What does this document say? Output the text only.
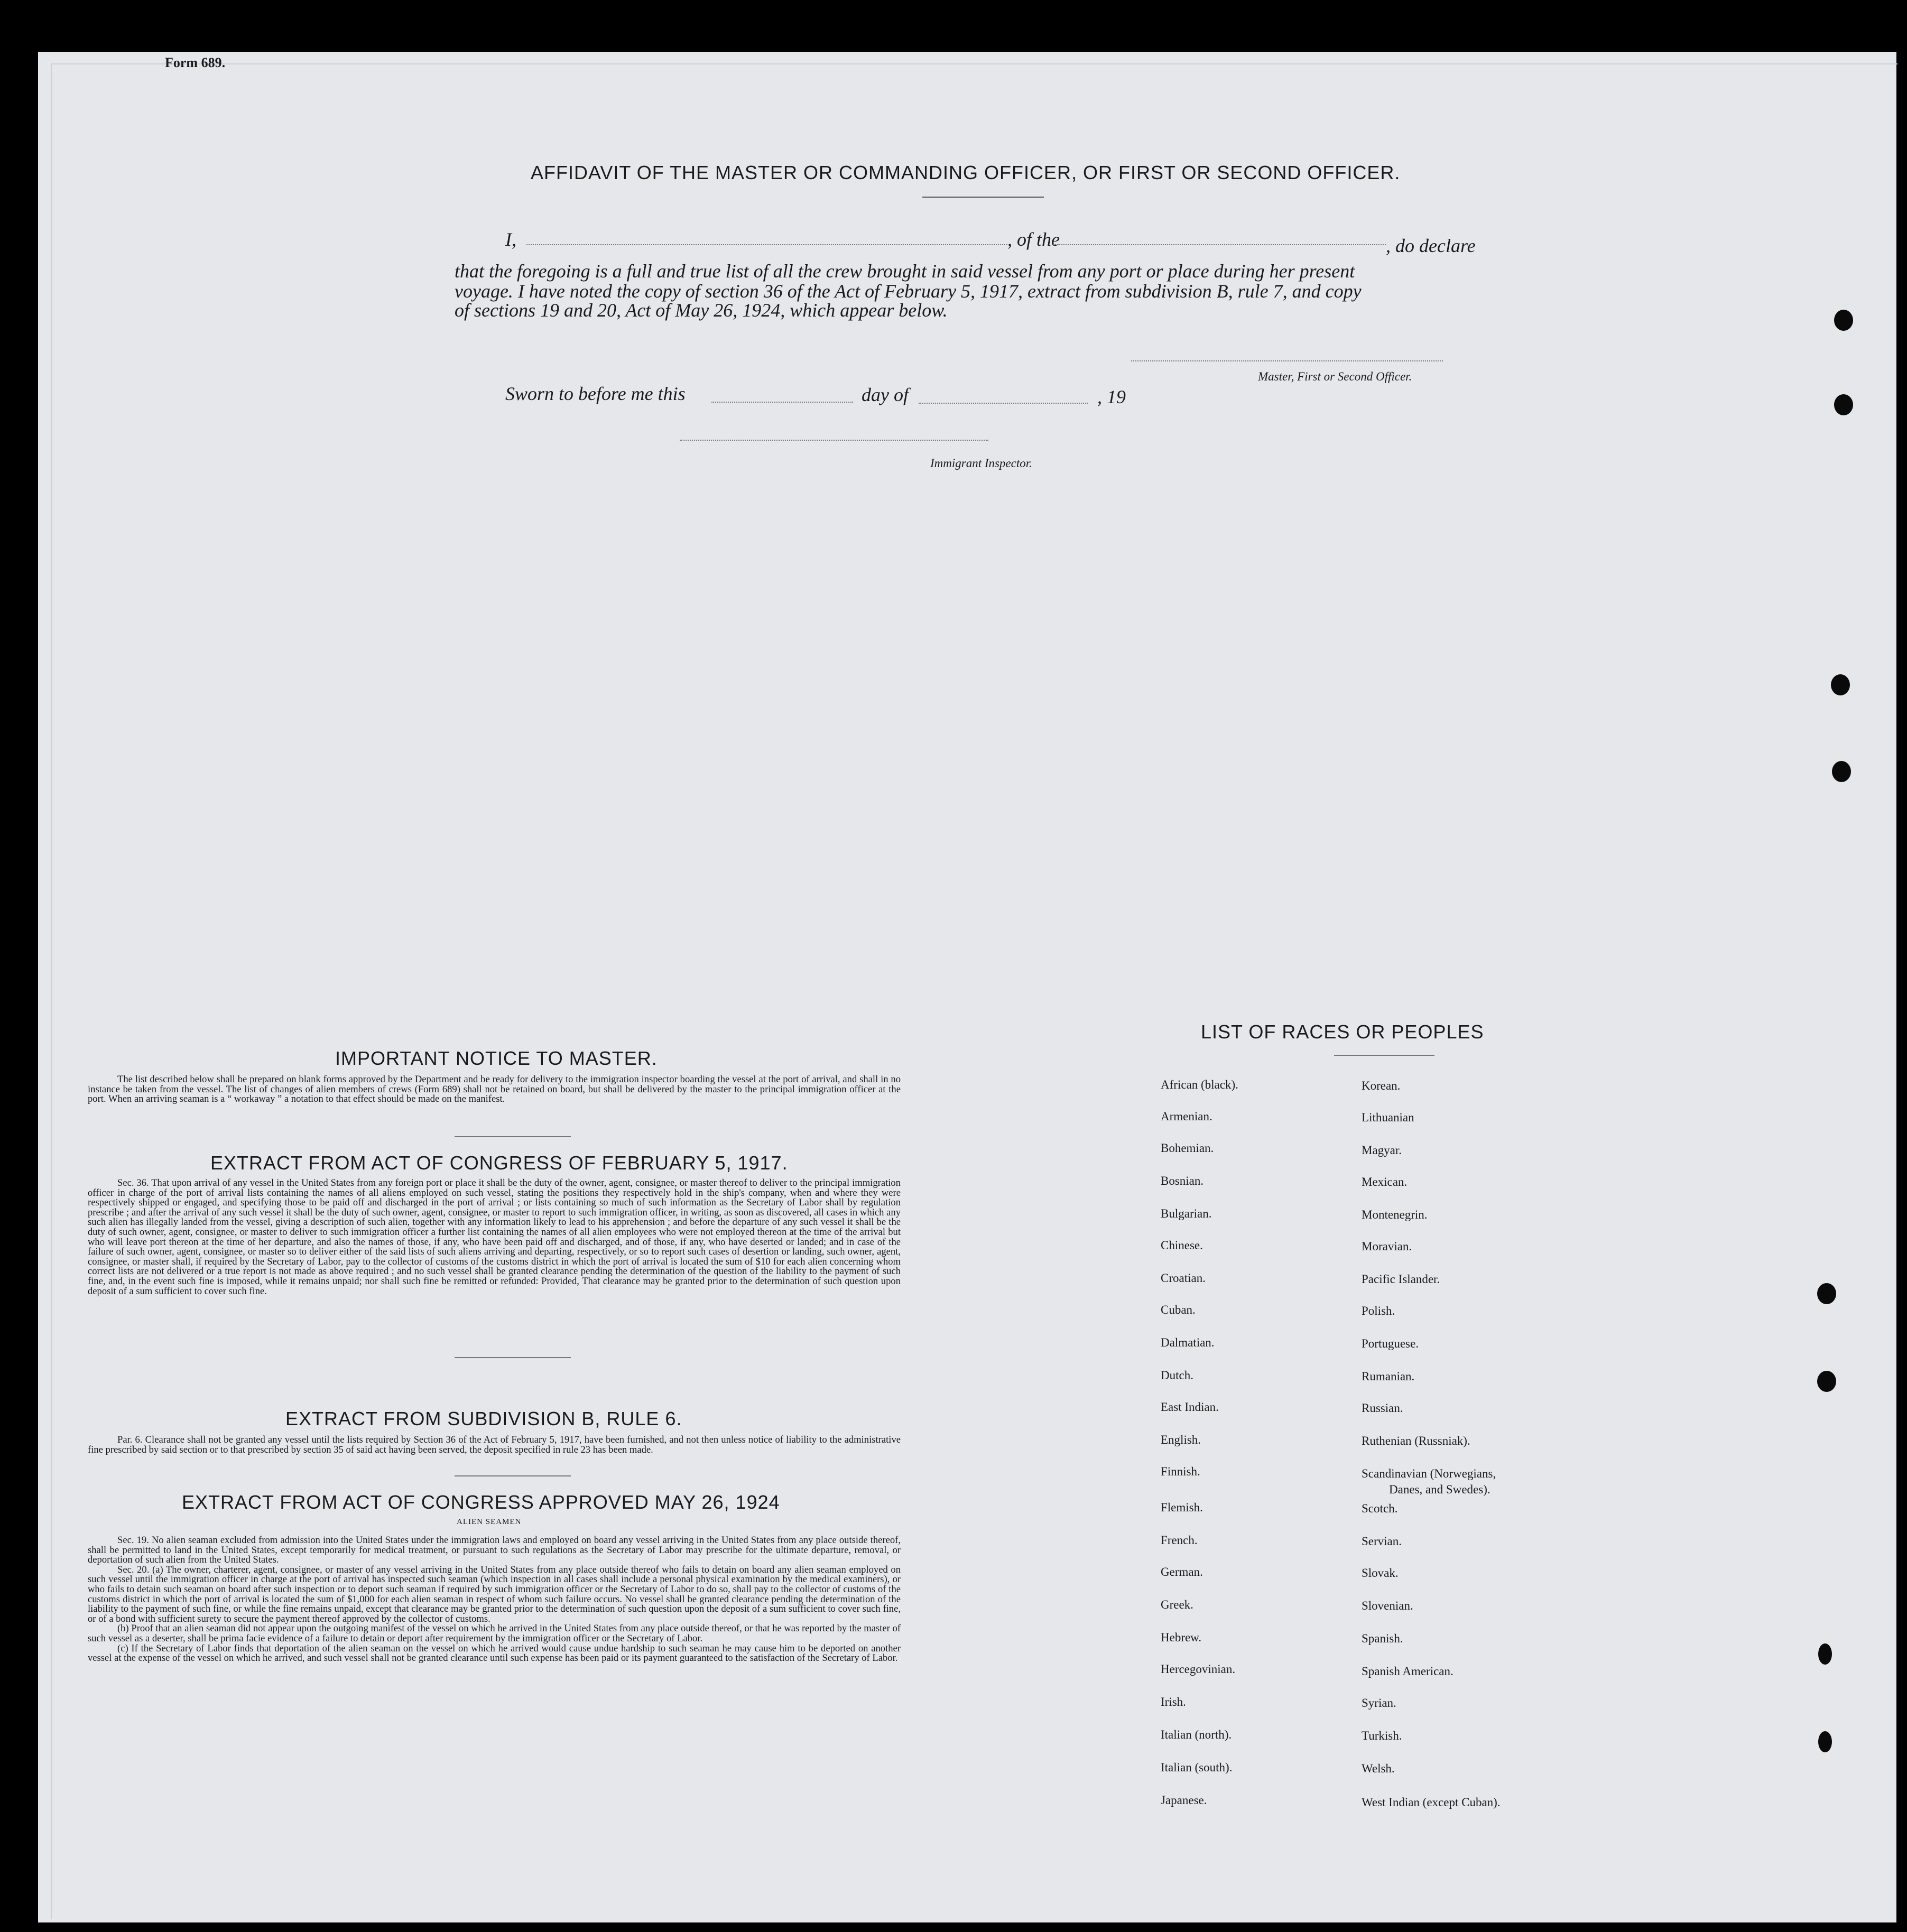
Form 689.
AFFIDAVIT OF THE MASTER OR COMMANDING OFFICER, OR FIRST OR SECOND OFFICER.
I,	, of the	, do declare
that the foregoing is a full and true list of all the crew brought in said vessel from any port or place during her present
voyage. I have noted the copy of section 36 of the Act of February 5, 1917, extract from subdivision B, rule 7, and copy
of sections 19 and 20, Act of May 26, 1924, which appear below.
Master, First or Second Officer.
Sworn to before me this	day of	, 19
Immigrant Inspector.
IMPORTANT NOTICE TO MASTER.
The list described below shall be prepared on blank forms approved by the Department and be ready for delivery to the immigration inspector boarding the vessel at the port of arrival, and shall in no instance be taken from the vessel. The list of changes of alien members of crews (Form 689) shall not be retained on board, but shall be delivered by the master to the principal immigration officer at the port. When an arriving seaman is a “ workaway ” a notation to that effect should be made on the manifest.
EXTRACT FROM ACT OF CONGRESS OF FEBRUARY 5, 1917.
Sec. 36. That upon arrival of any vessel in the United States from any foreign port or place it shall be the duty of the owner, agent, consignee, or master thereof to deliver to the principal immigration officer in charge of the port of arrival lists containing the names of all aliens employed on such vessel, stating the positions they respectively hold in the ship's company, when and where they were respectively shipped or engaged, and specifying those to be paid off and discharged in the port of arrival ; or lists containing so much of such information as the Secretary of Labor shall by regulation prescribe ; and after the arrival of any such vessel it shall be the duty of such owner, agent, consignee, or master to report to such immigration officer, in writing, as soon as discovered, all cases in which any such alien has illegally landed from the vessel, giving a description of such alien, together with any information likely to lead to his apprehension ; and before the departure of any such vessel it shall be the duty of such owner, agent, consignee, or master to deliver to such immigration officer a further list containing the names of all alien employees who were not employed thereon at the time of the arrival but who will leave port thereon at the time of her departure, and also the names of those, if any, who have been paid off and discharged, and of those, if any, who have deserted or landed; and in case of the failure of such owner, agent, consignee, or master so to deliver either of the said lists of such aliens arriving and departing, respectively, or so to report such cases of desertion or landing, such owner, agent, consignee, or master shall, if required by the Secretary of Labor, pay to the collector of customs of the customs district in which the port of arrival is located the sum of $10 for each alien concerning whom correct lists are not delivered or a true report is not made as above required ; and no such vessel shall be granted clearance pending the determination of the question of the liability to the payment of such fine, and, in the event such fine is imposed, while it remains unpaid; nor shall such fine be remitted or refunded: Provided, That clearance may be granted prior to the determination of such question upon deposit of a sum sufficient to cover such fine.
EXTRACT FROM SUBDIVISION B, RULE 6.
Par. 6. Clearance shall not be granted any vessel until the lists required by Section 36 of the Act of February 5, 1917, have been furnished, and not then unless notice of liability to the administrative fine prescribed by said section or to that prescribed by section 35 of said act having been served, the deposit specified in rule 23 has been made.
EXTRACT FROM ACT OF CONGRESS APPROVED MAY 26, 1924
ALIEN SEAMEN

Sec. 19. No alien seaman excluded from admission into the United States under the immigration laws and employed on board any vessel arriving in the United States from any place outside thereof, shall be permitted to land in the United States, except temporarily for medical treatment, or pursuant to such regulations as the Secretary of Labor may prescribe for the ultimate departure, removal, or deportation of such alien from the United States.

Sec. 20. (a) The owner, charterer, agent, consignee, or master of any vessel arriving in the United States from any place outside thereof who fails to detain on board any alien seaman employed on such vessel until the immigration officer in charge at the port of arrival has inspected such seaman (which inspection in all cases shall include a personal physical examination by the medical examiners), or who fails to detain such seaman on board after such inspection or to deport such seaman if required by such immigration officer or the Secretary of Labor to do so, shall pay to the collector of customs of the customs district in which the port of arrival is located the sum of $1,000 for each alien seaman in respect of whom such failure occurs. No vessel shall be granted clearance pending the determination of the liability to the payment of such fine, or while the fine remains unpaid, except that clearance may be granted prior to the determination of such question upon the deposit of a sum sufficient to cover such fine, or of a bond with sufficient surety to secure the payment thereof approved by the collector of customs.

(b) Proof that an alien seaman did not appear upon the outgoing manifest of the vessel on which he arrived in the United States from any place outside thereof, or that he was reported by the master of such vessel as a deserter, shall be prima facie evidence of a failure to detain or deport after requirement by the immigration officer or the Secretary of Labor.

(c) If the Secretary of Labor finds that deportation of the alien seaman on the vessel on which he arrived would cause undue hardship to such seaman he may cause him to be deported on another vessel at the expense of the vessel on which he arrived, and such vessel shall not be granted clearance until such expense has been paid or its payment guaranteed to the satisfaction of the Secretary of Labor.

LIST OF RACES OR PEOPLES
African (black).
Armenian.
Bohemian.
Bosnian.
Bulgarian.
Chinese.
Croatian.
Cuban.
Dalmatian.
Dutch.
East Indian.
English.
Finnish.
Flemish.
French.
German.
Greek.
Hebrew.
Hercegovinian.
Irish.
Italian (north).
Italian (south).
Japanese.
Korean.
Lithuanian
Magyar.
Mexican.
Montenegrin.
Moravian.
Pacific Islander.
Polish.
Portuguese.
Rumanian.
Russian.
Ruthenian (Russniak).
Scandinavian (Norwegians,
Scotch.
Servian.
Slovak.
Slovenian.
Spanish.
Spanish American.
Syrian.
Turkish.
Welsh.
West Indian (except Cuban).
Danes, and Swedes).
